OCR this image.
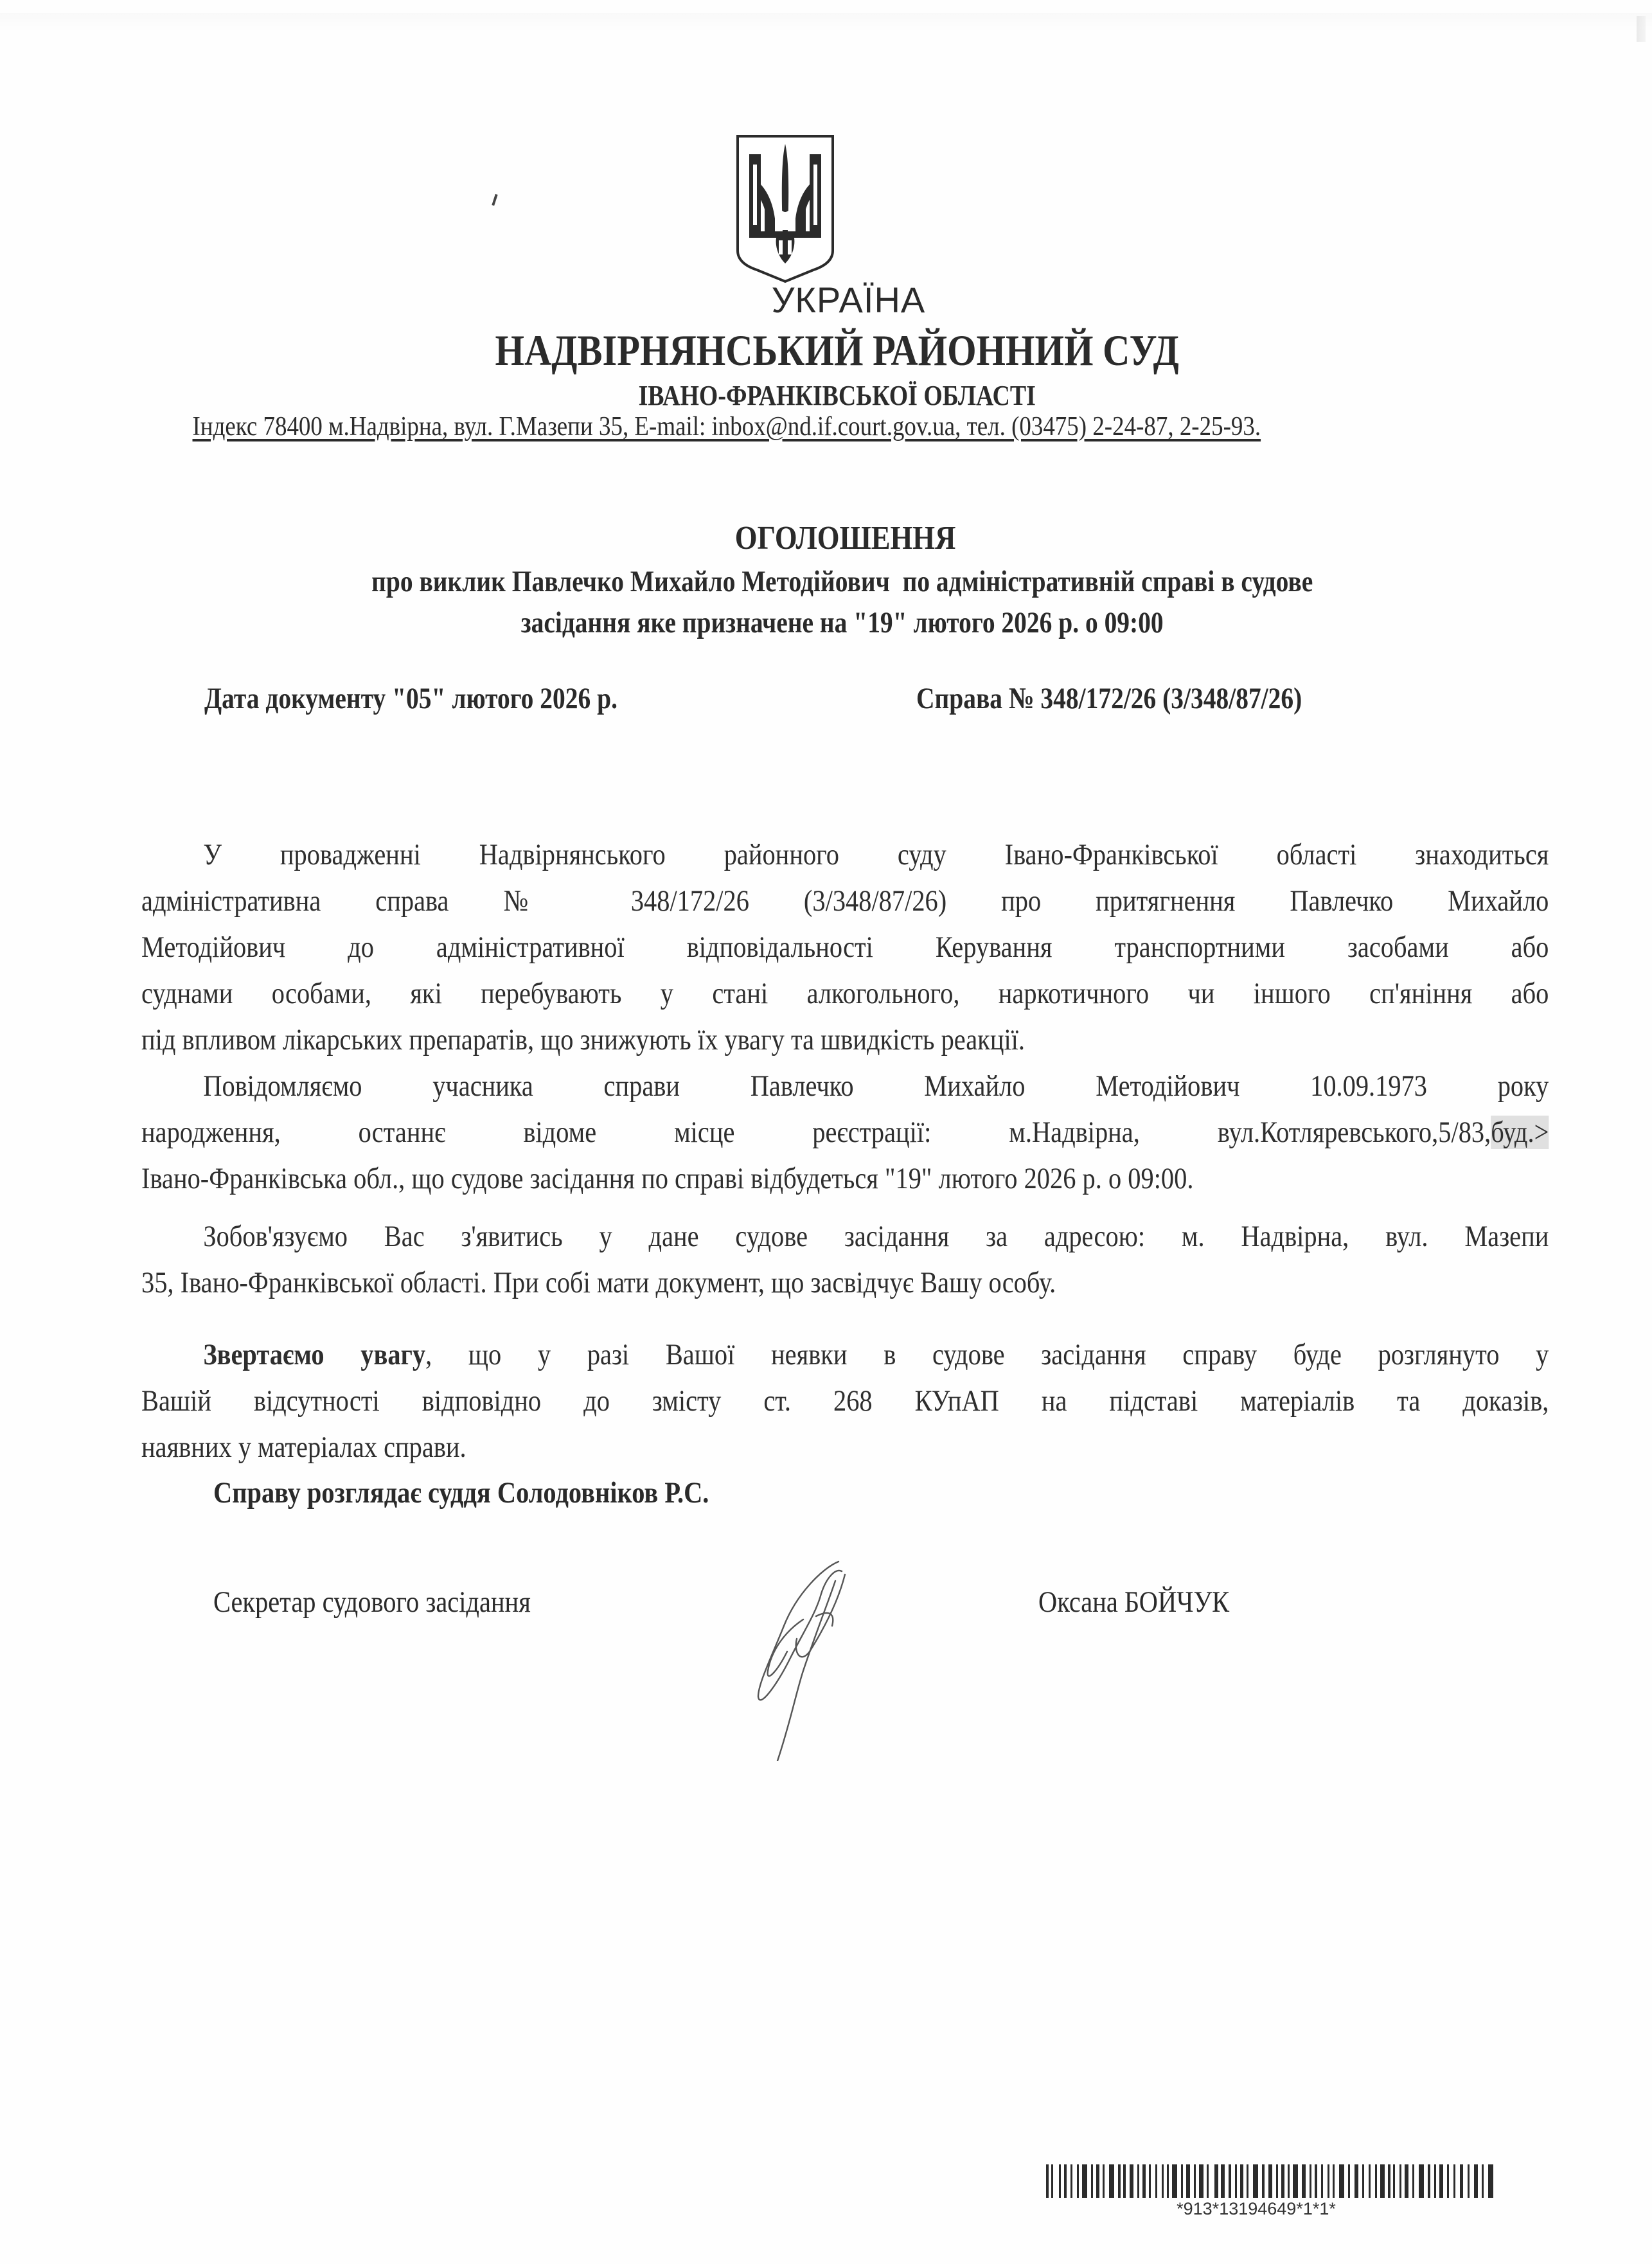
УКРАЇНА
НАДВІРНЯНСЬКИЙ РАЙОННИЙ СУД
ІВАНО-ФРАНКІВСЬКОЇ ОБЛАСТІ
Індекс 78400 м.Надвірна, вул. Г.Мазепи 35, E-mail: inbox@nd.if.court.gov.ua, тел. (03475) 2-24-87, 2-25-93.
ОГОЛОШЕННЯ
про виклик Павлечко Михайло Методійович  по адміністративній справі в судове
засідання яке призначене на "19" лютого 2026 р. о 09:00
Дата документу "05" лютого 2026 р.	Справа № 348/172/26 (3/348/87/26)
У провадженні Надвірнянського районного суду Івано-Франківської області знаходиться
адміністративна справа № 348/172/26 (3/348/87/26) про притягнення Павлечко Михайло
Методійович до адміністративної відповідальності Керування транспортними засобами або
суднами особами, які перебувають у стані алкогольного, наркотичного чи іншого сп'яніння або
під впливом лікарських препаратів, що знижують їх увагу та швидкість реакції.
Повідомляємо учасника справи Павлечко Михайло Методійович 10.09.1973 року
народження, останнє відоме місце реєстрації: м.Надвірна, вул.Котляревського,5/83,буд.>
Івано-Франківська обл., що судове засідання по справі відбудеться "19" лютого 2026 р. о 09:00.
Зобов'язуємо Вас з'явитись у дане судове засідання за адресою: м. Надвірна, вул. Мазепи
35, Івано-Франківської області. При собі мати документ, що засвідчує Вашу особу.
Звертаємо увагу, що у разі Вашої неявки в судове засідання справу буде розглянуто у
Вашій відсутності відповідно до змісту ст. 268 КУпАП на підставі матеріалів та доказів,
наявних у матеріалах справи.
Справу розглядає суддя Солодовніков Р.С.
Секретар судового засідання	Оксана БОЙЧУК
*913*13194649*1*1*
